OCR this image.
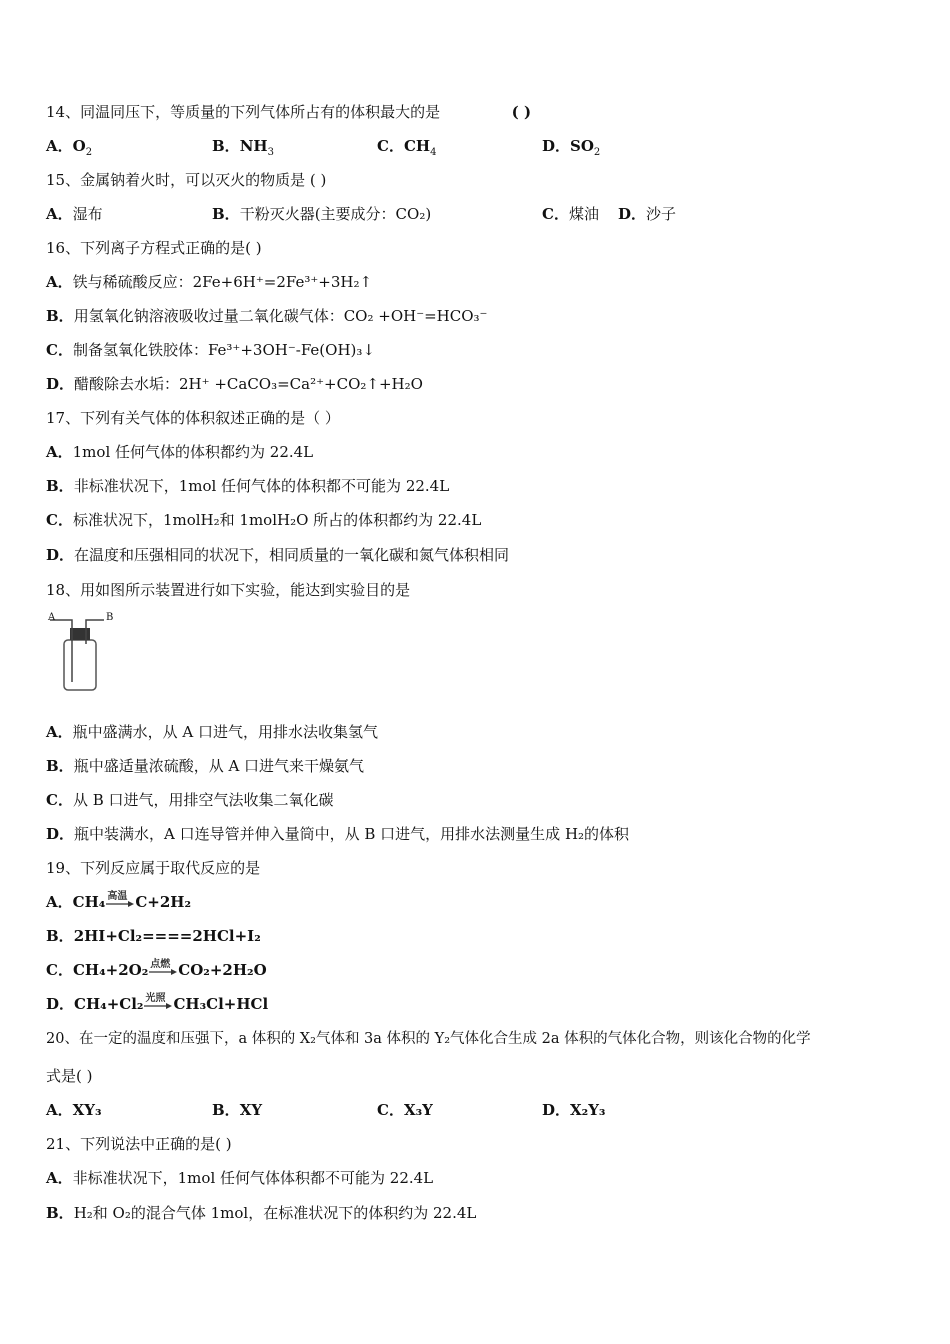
14、同温同压下，等质量的下列气体所占有的体积最大的是	( )
A．$O_2$	B．$NH_3$	C．$CH_4$	D．$SO_2$
15、金属钠着火时，可以灭火的物质是 ( )
A．湿布	B．干粉灭火器(主要成分：CO₂)	C．煤油 D．沙子
16、下列离子方程式正确的是( )
A．铁与稀硫酸反应：2Fe+6H⁺=2Fe³⁺+3H₂↑
B．用氢氧化钠溶液吸收过量二氧化碳气体：CO₂ +OH⁻=HCO₃⁻
C．制备氢氧化铁胶体：Fe³⁺+3OH⁻-Fe(OH)₃↓
D．醋酸除去水垢：2H⁺ +CaCO₃=Ca²⁺+CO₂↑+H₂O
17、下列有关气体的体积叙述正确的是（ ）
A．1mol 任何气体的体积都约为 22.4L
B．非标准状况下，1mol 任何气体的体积都不可能为 22.4L
C．标准状况下，1molH₂和 1molH₂O 所占的体积都约为 22.4L
D．在温度和压强相同的状况下，相同质量的一氧化碳和氮气体积相同
18、用如图所示装置进行如下实验，能达到实验目的是
A	B
A．瓶中盛满水，从 A 口进气，用排水法收集氢气
B．瓶中盛适量浓硫酸，从 A 口进气来干燥氨气
C．从 B 口进气，用排空气法收集二氧化碳
D．瓶中装满水，A 口连导管并伸入量筒中，从 B 口进气，用排水法测量生成 H₂的体积
19、下列反应属于取代反应的是
A．CH₄ 高温 C+2H₂
B．2HI+Cl₂====2HCl+I₂
C．CH₄+2O₂ 点燃 CO₂+2H₂O
D．CH₄+Cl₂ 光照 CH₃Cl+HCl
20、在一定的温度和压强下，a 体积的 X₂气体和 3a 体积的 Y₂气体化合生成 2a 体积的气体化合物，则该化合物的化学
式是( )
A．XY₃	B．XY	C．X₃Y	D．X₂Y₃
21、下列说法中正确的是( )
A．非标准状况下，1mol 任何气体体积都不可能为 22.4L
B．H₂和 O₂的混合气体 1mol，在标准状况下的体积约为 22.4L
